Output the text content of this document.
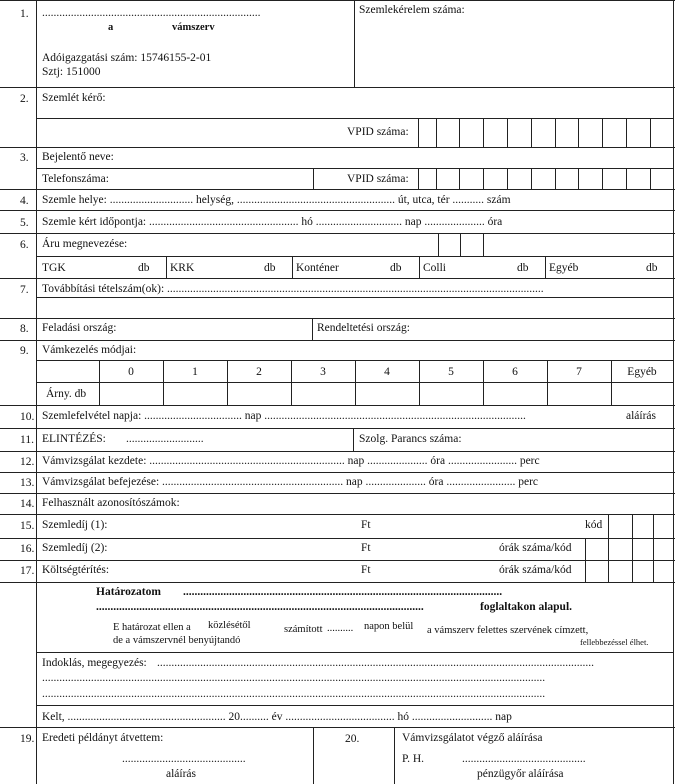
1. ............................................................................
a	vámszerv
Adóigazgatási szám: 15746155-2-01
Sztj: 151000
Szemlekérelem száma:
2. Szemlét kérő:
VPID száma:
3. Bejelentő neve:
Telefonszáma:	VPID száma:
4. Szemle helye: ............................. helység, ....................................................... út, utca, tér ........... szám
5. Szemle kért időpontja: .................................................... hó .............................. nap ..................... óra
6. Áru megnevezése:
TGK	db KRK	db Konténer	db Colli	db Egyéb	db
7. Továbbítási tételszám(ok): ...................................................................................................................................
8. Feladási ország:	Rendeltetési ország:
9. Vámkezelés módjai:
0	1	2	3	4	5	6	7	Egyéb
Árny. db
10. Szemlefelvétel napja: .................................. nap ...........................................................................................	aláírás
11. ELINTÉZÉS: ...........................	Szolg. Parancs száma:
12. Vámvizsgálat kezdete: .................................................................... nap ..................... óra ........................ perc
13. Vámvizsgálat befejezése: ............................................................... nap ..................... óra ........................ perc
14. Felhasznált azonosítószámok:
15. Szemledíj (1):	Ft	kód
16. Szemledíj (2):	Ft	órák száma/kód
17. Költségtérítés:	Ft	órák száma/kód
Határozatom ...............................................................................................................
..................................................................................................................	foglaltakon alapul.
E határozat ellen a közlésétől	számított .......... napon belül a vámszerv felettes szervének címzett,
de a vámszervnél benyújtandó	fellebbezéssel élhet.
Indoklás, megegyezés: ........................................................................................................................................................
...............................................................................................................................................................................
...............................................................................................................................................................................
Kelt, ....................................................... 20.......... év ...................................... hó ............................ nap
19. Eredeti példányt átvettem:
...........................................
aláírás
20.	Vámvizsgálatot végző aláírása
P. H.	...........................................
pénzügyőr aláírása
